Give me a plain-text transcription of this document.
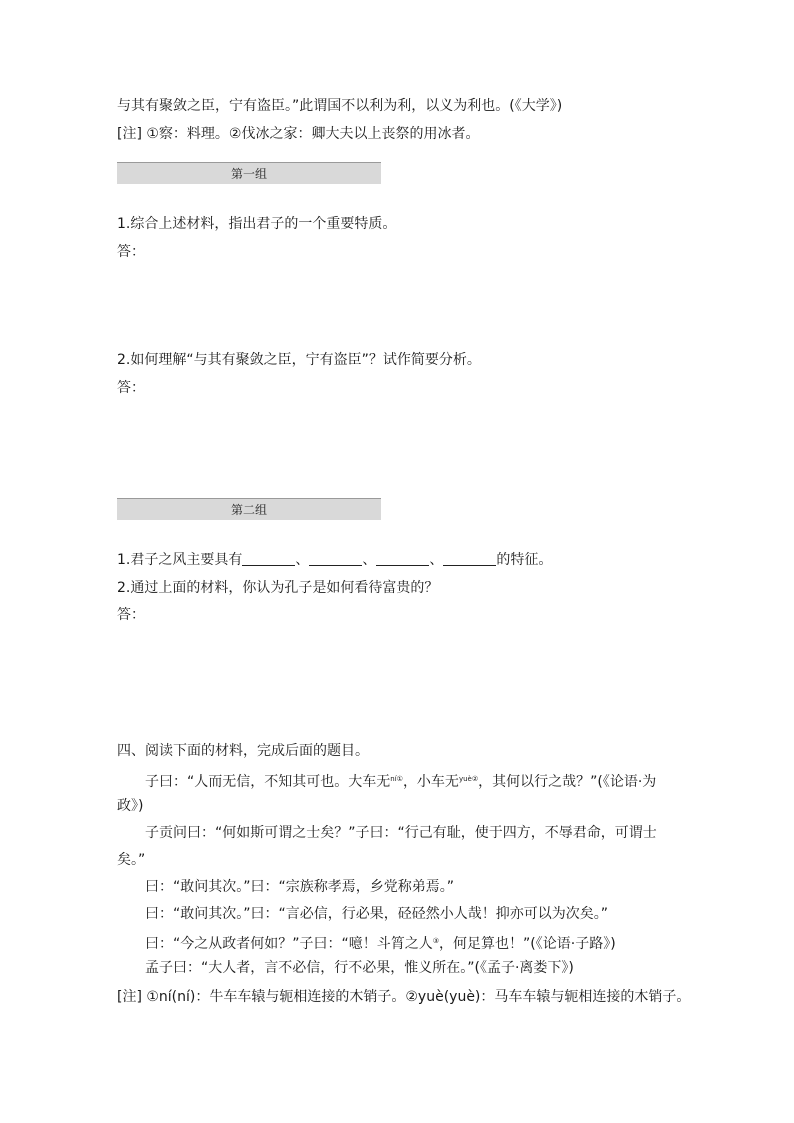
与其有聚敛之臣，宁有盗臣。”此谓国不以利为利，以义为利也。(《大学》)
[注] ①察：料理。②伐冰之家：卿大夫以上丧祭的用冰者。
第一组
1.综合上述材料，指出君子的一个重要特质。
答：
2.如何理解“与其有聚敛之臣，宁有盗臣”？试作简要分析。
答：
第二组
1.君子之风主要具有	、	、	、	的特征。
2.通过上面的材料，你认为孔子是如何看待富贵的？
答：
四、阅读下面的材料，完成后面的题目。
子曰：“人而无信，不知其可也。大车无$^{ní①}$，小车无$^{yuè②}$，其何以行之哉？”(《论语·为
政》)
子贡问曰：“何如斯可谓之士矣？”子曰：“行己有耻，使于四方，不辱君命，可谓士
矣。”
曰：“敢问其次。”曰：“宗族称孝焉，乡党称弟焉。”
曰：“敢问其次。”曰：“言必信，行必果，硁硁然小人哉！抑亦可以为次矣。”
曰：“今之从政者何如？”子曰：“噫！斗筲之人③，何足算也！”(《论语·子路》)
孟子曰：“大人者，言不必信，行不必果，惟义所在。”(《孟子·离娄下》)
[注] ①ní(ní)：牛车车辕与轭相连接的木销子。②yuè(yuè)：马车车辕与轭相连接的木销子。
